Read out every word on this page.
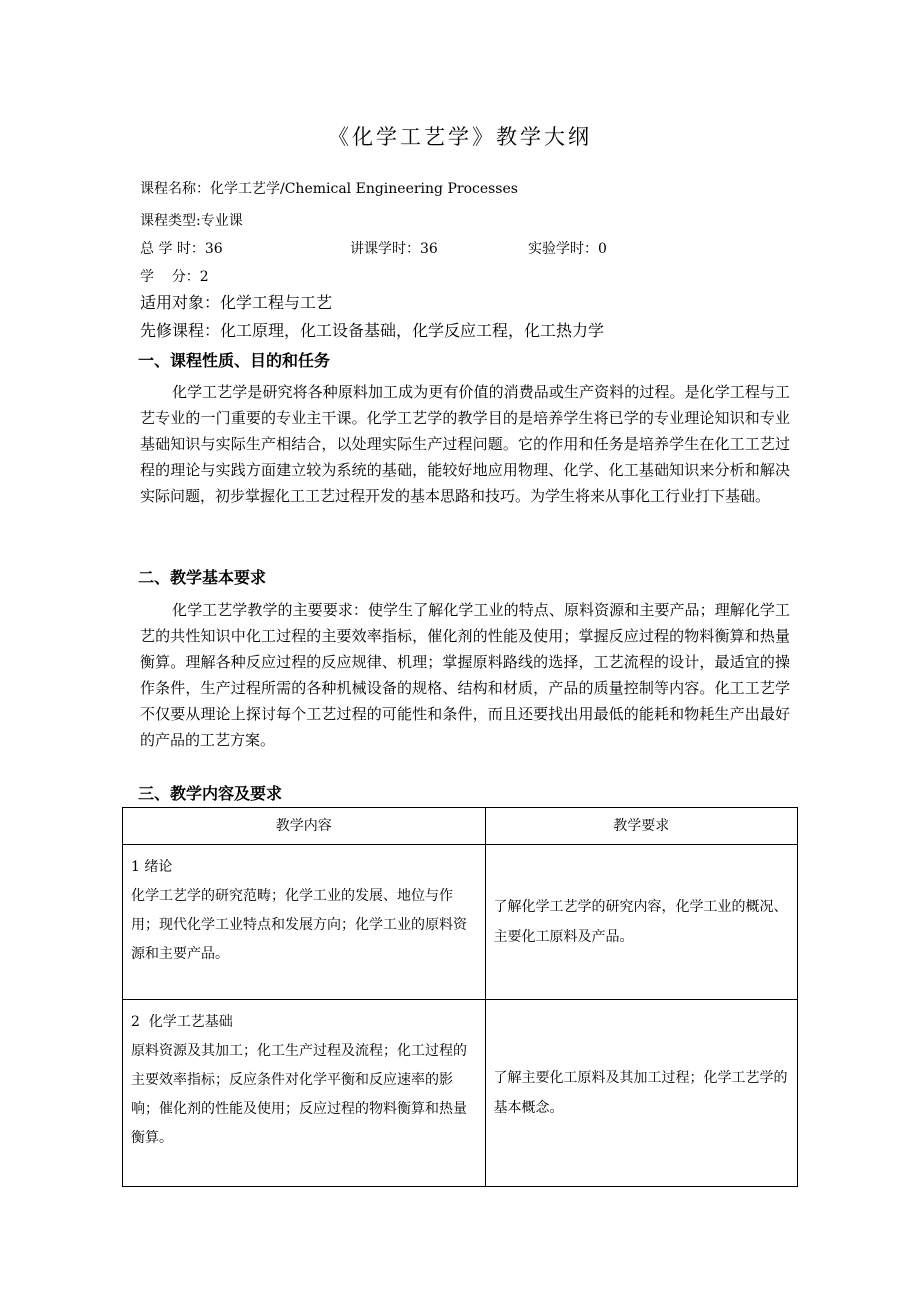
《化学工艺学》教学大纲
课程名称：化学工艺学/Chemical Engineering Processes
课程类型:专业课
总 学 时：36	讲课学时：36	实验学时：0
学    分：2
适用对象：化学工程与工艺
先修课程：化工原理，化工设备基础，化学反应工程，化工热力学
一、课程性质、目的和任务
化学工艺学是研究将各种原料加工成为更有价值的消费品或生产资料的过程。是化学工程与工艺专业的一门重要的专业主干课。化学工艺学的教学目的是培养学生将已学的专业理论知识和专业基础知识与实际生产相结合，以处理实际生产过程问题。它的作用和任务是培养学生在化工工艺过程的理论与实践方面建立较为系统的基础，能较好地应用物理、化学、化工基础知识来分析和解决实际问题，初步掌握化工工艺过程开发的基本思路和技巧。为学生将来从事化工行业打下基础。
二、教学基本要求
化学工艺学教学的主要要求：使学生了解化学工业的特点、原料资源和主要产品；理解化学工艺的共性知识中化工过程的主要效率指标，催化剂的性能及使用；掌握反应过程的物料衡算和热量衡算。理解各种反应过程的反应规律、机理；掌握原料路线的选择，工艺流程的设计，最适宜的操作条件，生产过程所需的各种机械设备的规格、结构和材质，产品的质量控制等内容。化工工艺学不仅要从理论上探讨每个工艺过程的可能性和条件，而且还要找出用最低的能耗和物耗生产出最好的产品的工艺方案。
三、教学内容及要求
教学内容	教学要求

1 绪论
化学工艺学的研究范畴；化学工业的发展、地位与作用；现代化学工业特点和发展方向；化学工业的原料资源和主要产品。	了解化学工艺学的研究内容，化学工业的概况、主要化工原料及产品。

2  化学工艺基础
原料资源及其加工；化工生产过程及流程；化工过程的主要效率指标；反应条件对化学平衡和反应速率的影响；催化剂的性能及使用；反应过程的物料衡算和热量衡算。	了解主要化工原料及其加工过程；化学工艺学的基本概念。
